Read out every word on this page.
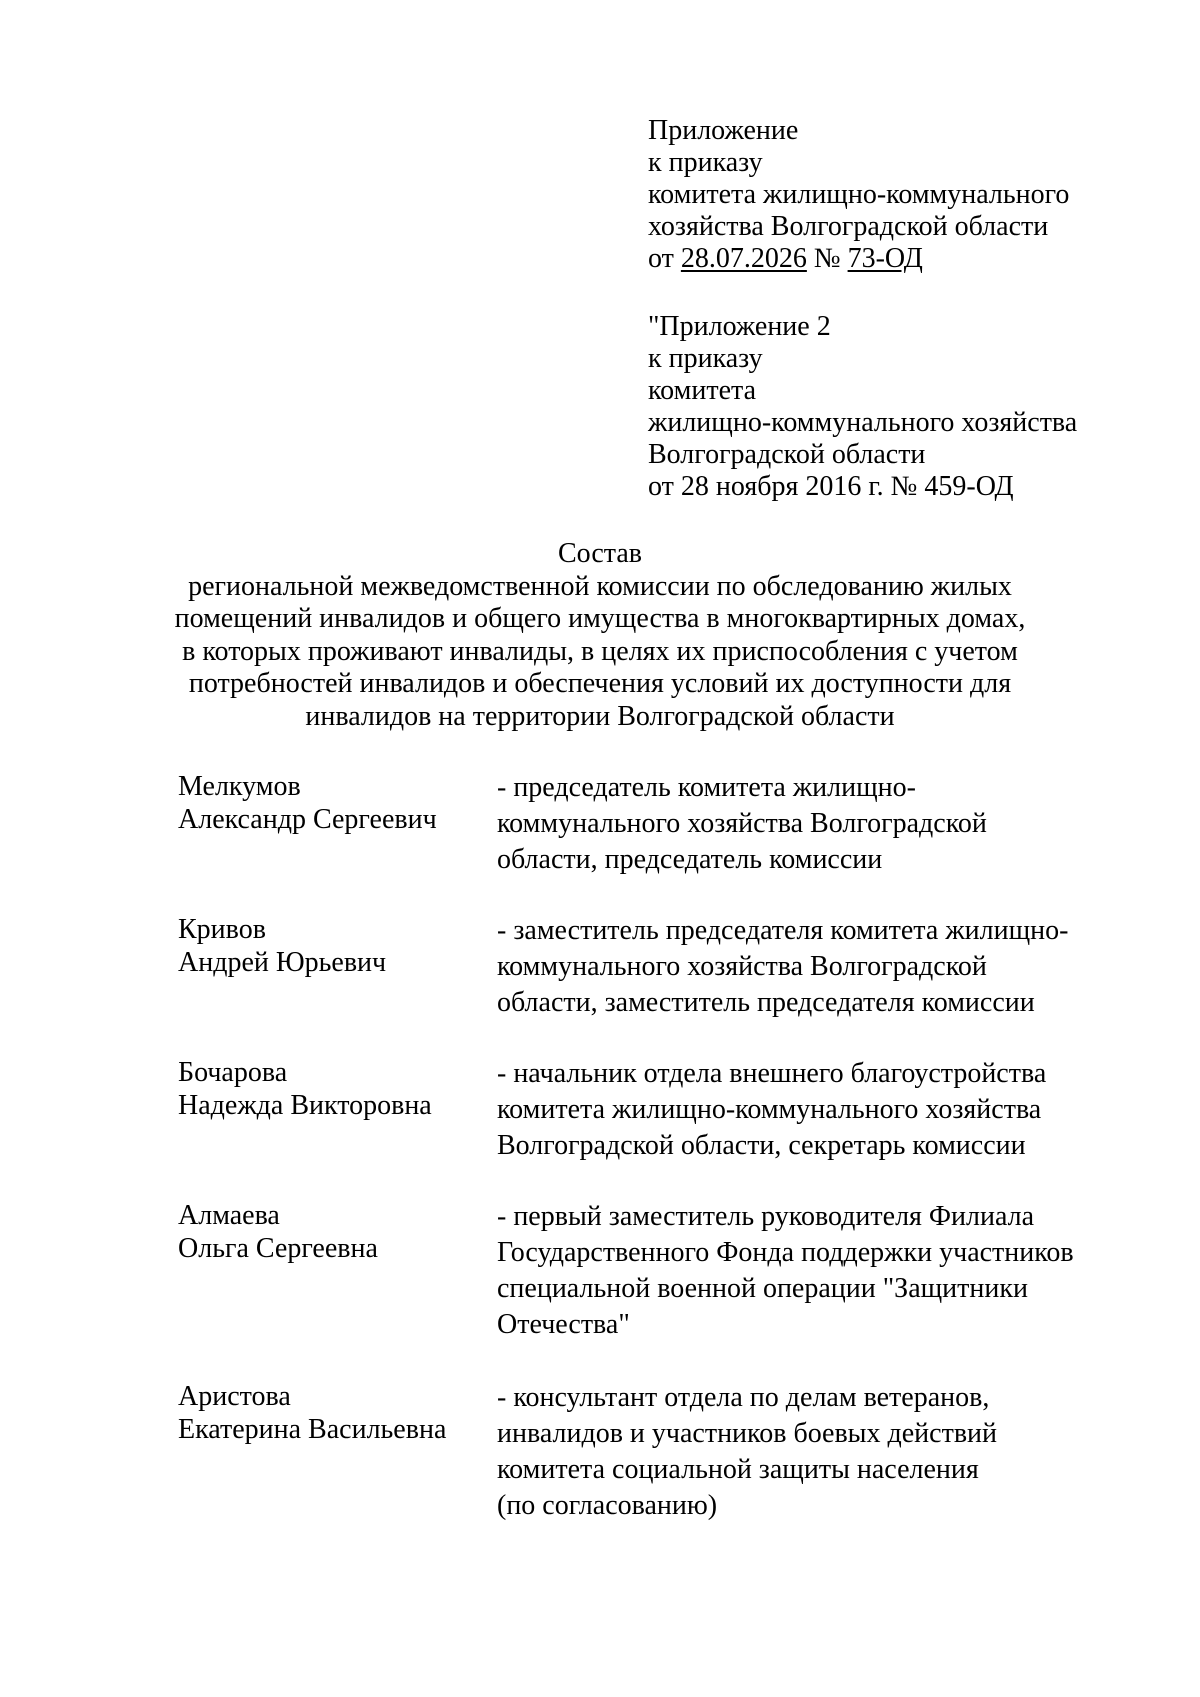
Приложение
к приказу
комитета жилищно-коммунального
хозяйства Волгоградской области
от 28.07.2026 № 73-ОД
"Приложение 2
к приказу
комитета
жилищно-коммунального хозяйства
Волгоградской области
от 28 ноября 2016 г. № 459-ОД
Состав
региональной межведомственной комиссии по обследованию жилых
помещений инвалидов и общего имущества в многоквартирных домах,
в которых проживают инвалиды, в целях их приспособления с учетом
потребностей инвалидов и обеспечения условий их доступности для
инвалидов на территории Волгоградской области
Мелкумов
Александр Сергеевич
- председатель комитета жилищно-
коммунального хозяйства Волгоградской
области, председатель комиссии
Кривов
Андрей Юрьевич
- заместитель председателя комитета жилищно-
коммунального хозяйства Волгоградской
области, заместитель председателя комиссии
Бочарова
Надежда Викторовна
- начальник отдела внешнего благоустройства
комитета жилищно-коммунального хозяйства
Волгоградской области, секретарь комиссии
Алмаева
Ольга Сергеевна
- первый заместитель руководителя Филиала
Государственного Фонда поддержки участников
специальной военной операции "Защитники
Отечества"
Аристова
Екатерина Васильевна
- консультант отдела по делам ветеранов,
инвалидов и участников боевых действий
комитета социальной защиты населения
(по согласованию)
